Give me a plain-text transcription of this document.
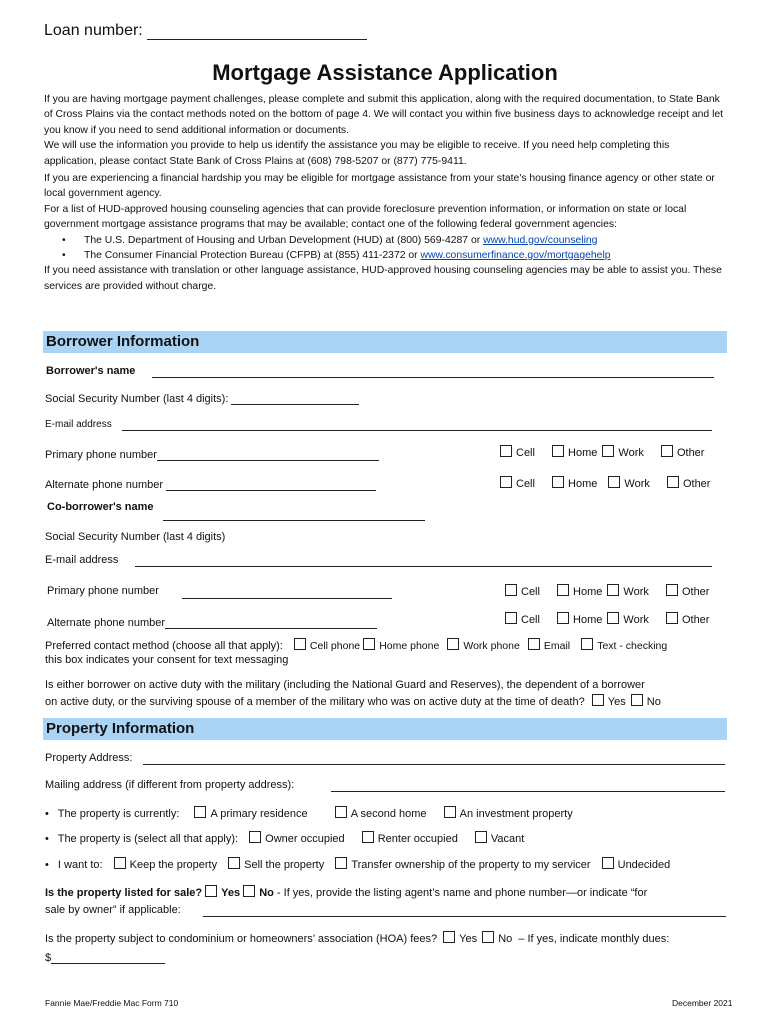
Loan number:
Mortgage Assistance Application

If you are having mortgage payment challenges, please complete and submit this application, along with the required documentation, to State Bank of Cross Plains via the contact methods noted on the bottom of page 4. We will contact you within five business days to acknowledge receipt and let you know if you need to send additional information or documents.

We will use the information you provide to help us identify the assistance you may be eligible to receive. If you need help completing this application, please contact State Bank of Cross Plains at (608) 798-5207 or (877) 775-9411.

If you are experiencing a financial hardship you may be eligible for mortgage assistance from your state's housing finance agency or other state or local government agency.

For a list of HUD-approved housing counseling agencies that can provide foreclosure prevention information, or information on state or local government mortgage assistance programs that may be available; contact one of the following federal government agencies:

• The U.S. Department of Housing and Urban Development (HUD) at (800) 569-4287 or www.hud.gov/counseling
• The Consumer Financial Protection Bureau (CFPB) at (855) 411-2372 or www.consumerfinance.gov/mortgagehelp

If you need assistance with translation or other language assistance, HUD-approved housing counseling agencies may be able to assist you. These services are provided without charge.

Borrower Information
Borrower's name
Social Security Number (last 4 digits):
E-mail address
Primary phone number	Cell	Home Work	Other
Alternate phone number	Cell	Home Work	Other
Co-borrower's name
Social Security Number (last 4 digits)
E-mail address
Primary phone number	Cell	Home Work	Other
Alternate phone number	Cell	Home Work	Other
Preferred contact method (choose all that apply):	Cell phone Home phone Work phone Email	Text - checking
this box indicates your consent for text messaging
Is either borrower on active duty with the military (including the National Guard and Reserves), the dependent of a borrower
on active duty, or the surviving spouse of a member of the military who was on active duty at the time of death? Yes No
Property Information
Property Address:
Mailing address (if different from property address):
• The property is currently:	A primary residence	A second home	An investment property
• The property is (select all that apply): Owner occupied	Renter occupied	Vacant
• I want to: Keep the property Sell the property Transfer ownership of the property to my servicer Undecided
Is the property listed for sale? Yes No - If yes, provide the listing agent’s name and phone number—or indicate “for
sale by owner” if applicable:
Is the property subject to condominium or homeowners’ association (HOA) fees? Yes No – If yes, indicate monthly dues:
$
Fannie Mae/Freddie Mac Form 710	December 2021
